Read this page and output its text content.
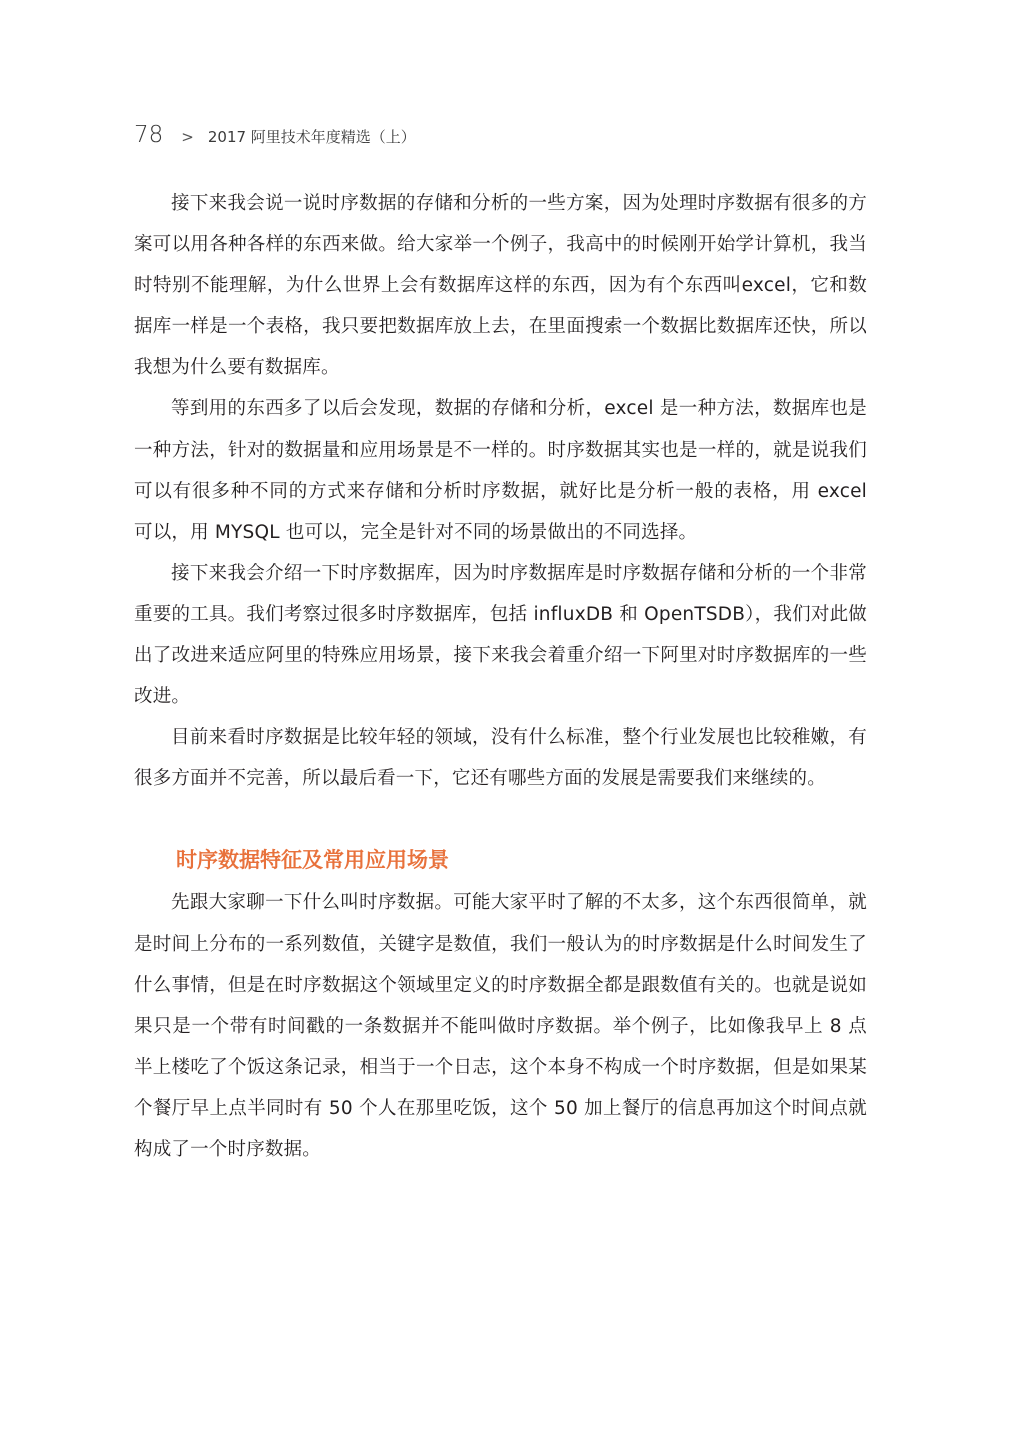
78 > 2017 阿里技术年度精选（上）

接下来我会说一说时序数据的存储和分析的一些方案，因为处理时序数据有很多的方案可以用各种各样的东西来做。给大家举一个例子，我高中的时候刚开始学计算机，我当时特别不能理解，为什么世界上会有数据库这样的东西，因为有个东西叫excel，它和数据库一样是一个表格，我只要把数据库放上去，在里面搜索一个数据比数据库还快，所以我想为什么要有数据库。

等到用的东西多了以后会发现，数据的存储和分析，excel 是一种方法，数据库也是一种方法，针对的数据量和应用场景是不一样的。时序数据其实也是一样的，就是说我们可以有很多种不同的方式来存储和分析时序数据，就好比是分析一般的表格，用 excel 可以，用 MYSQL 也可以，完全是针对不同的场景做出的不同选择。

接下来我会介绍一下时序数据库，因为时序数据库是时序数据存储和分析的一个非常重要的工具。我们考察过很多时序数据库，包括 influxDB 和 OpenTSDB），我们对此做出了改进来适应阿里的特殊应用场景，接下来我会着重介绍一下阿里对时序数据库的一些改进。

目前来看时序数据是比较年轻的领域，没有什么标准，整个行业发展也比较稚嫩，有很多方面并不完善，所以最后看一下，它还有哪些方面的发展是需要我们来继续的。

时序数据特征及常用应用场景

先跟大家聊一下什么叫时序数据。可能大家平时了解的不太多，这个东西很简单，就是时间上分布的一系列数值，关键字是数值，我们一般认为的时序数据是什么时间发生了什么事情，但是在时序数据这个领域里定义的时序数据全都是跟数值有关的。也就是说如果只是一个带有时间戳的一条数据并不能叫做时序数据。举个例子，比如像我早上 8 点半上楼吃了个饭这条记录，相当于一个日志，这个本身不构成一个时序数据，但是如果某个餐厅早上点半同时有 50 个人在那里吃饭，这个 50 加上餐厅的信息再加这个时间点就构成了一个时序数据。
